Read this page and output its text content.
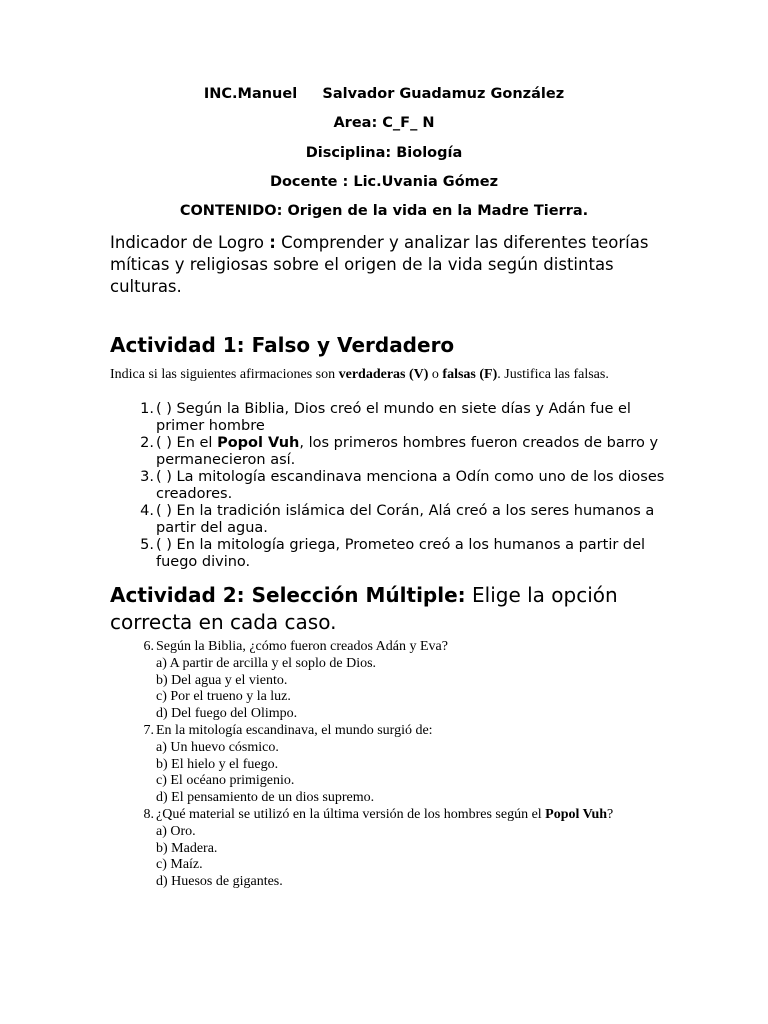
INC.Manuel     Salvador Guadamuz González
Area: C_F_ N
Disciplina: Biología
Docente : Lic.Uvania Gómez
CONTENIDO: Origen de la vida en la Madre Tierra.
Indicador de Logro : Comprender y analizar las diferentes teorías míticas y religiosas sobre el origen de la vida según distintas culturas.
Actividad 1: Falso y Verdadero
Indica si las siguientes afirmaciones son verdaderas (V) o falsas (F). Justifica las falsas.
1. ( ) Según la Biblia, Dios creó el mundo en siete días y Adán fue el primer hombre
2. ( ) En el Popol Vuh, los primeros hombres fueron creados de barro y permanecieron así.
3. ( ) La mitología escandinava menciona a Odín como uno de los dioses creadores.
4. ( ) En la tradición islámica del Corán, Alá creó a los seres humanos a partir del agua.
5. ( ) En la mitología griega, Prometeo creó a los humanos a partir del fuego divino.
Actividad 2: Selección Múltiple: Elige la opción correcta en cada caso.
6. Según la Biblia, ¿cómo fueron creados Adán y Eva?
a) A partir de arcilla y el soplo de Dios.
b) Del agua y el viento.
c) Por el trueno y la luz.
d) Del fuego del Olimpo.
7. En la mitología escandinava, el mundo surgió de:
a) Un huevo cósmico.
b) El hielo y el fuego.
c) El océano primigenio.
d) El pensamiento de un dios supremo.
8. ¿Qué material se utilizó en la última versión de los hombres según el Popol Vuh?
a) Oro.
b) Madera.
c) Maíz.
d) Huesos de gigantes.
